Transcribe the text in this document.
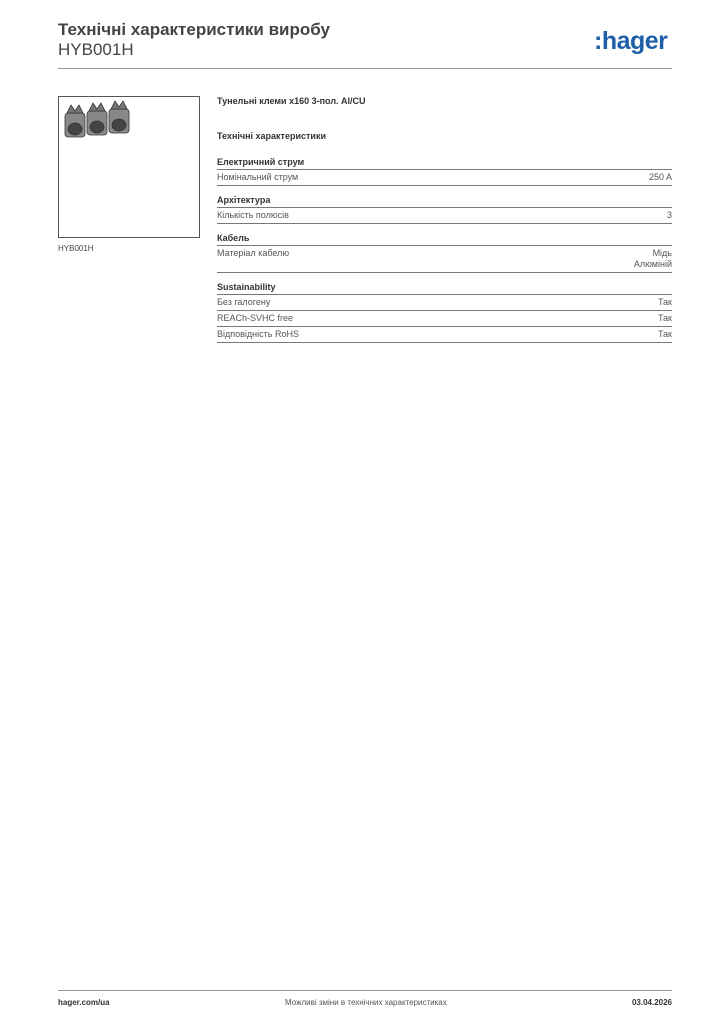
Технічні характеристики виробу
HYB001H	:hager
HYB001H
Тунельні клеми x160 3-пол. Al/CU
Технічні характеристики
Електричний струм
Номінальний струм	250 A
Архітектура
Кількість полюсів	3
Кабель
Матеріал кабелю	Мідь
Алюміній
Sustainability
Без галогену	Так
REACh-SVHC free	Так
Відповідність RoHS	Так
hager.com/ua	Можливі зміни в технічних характеристиках	03.04.2026
